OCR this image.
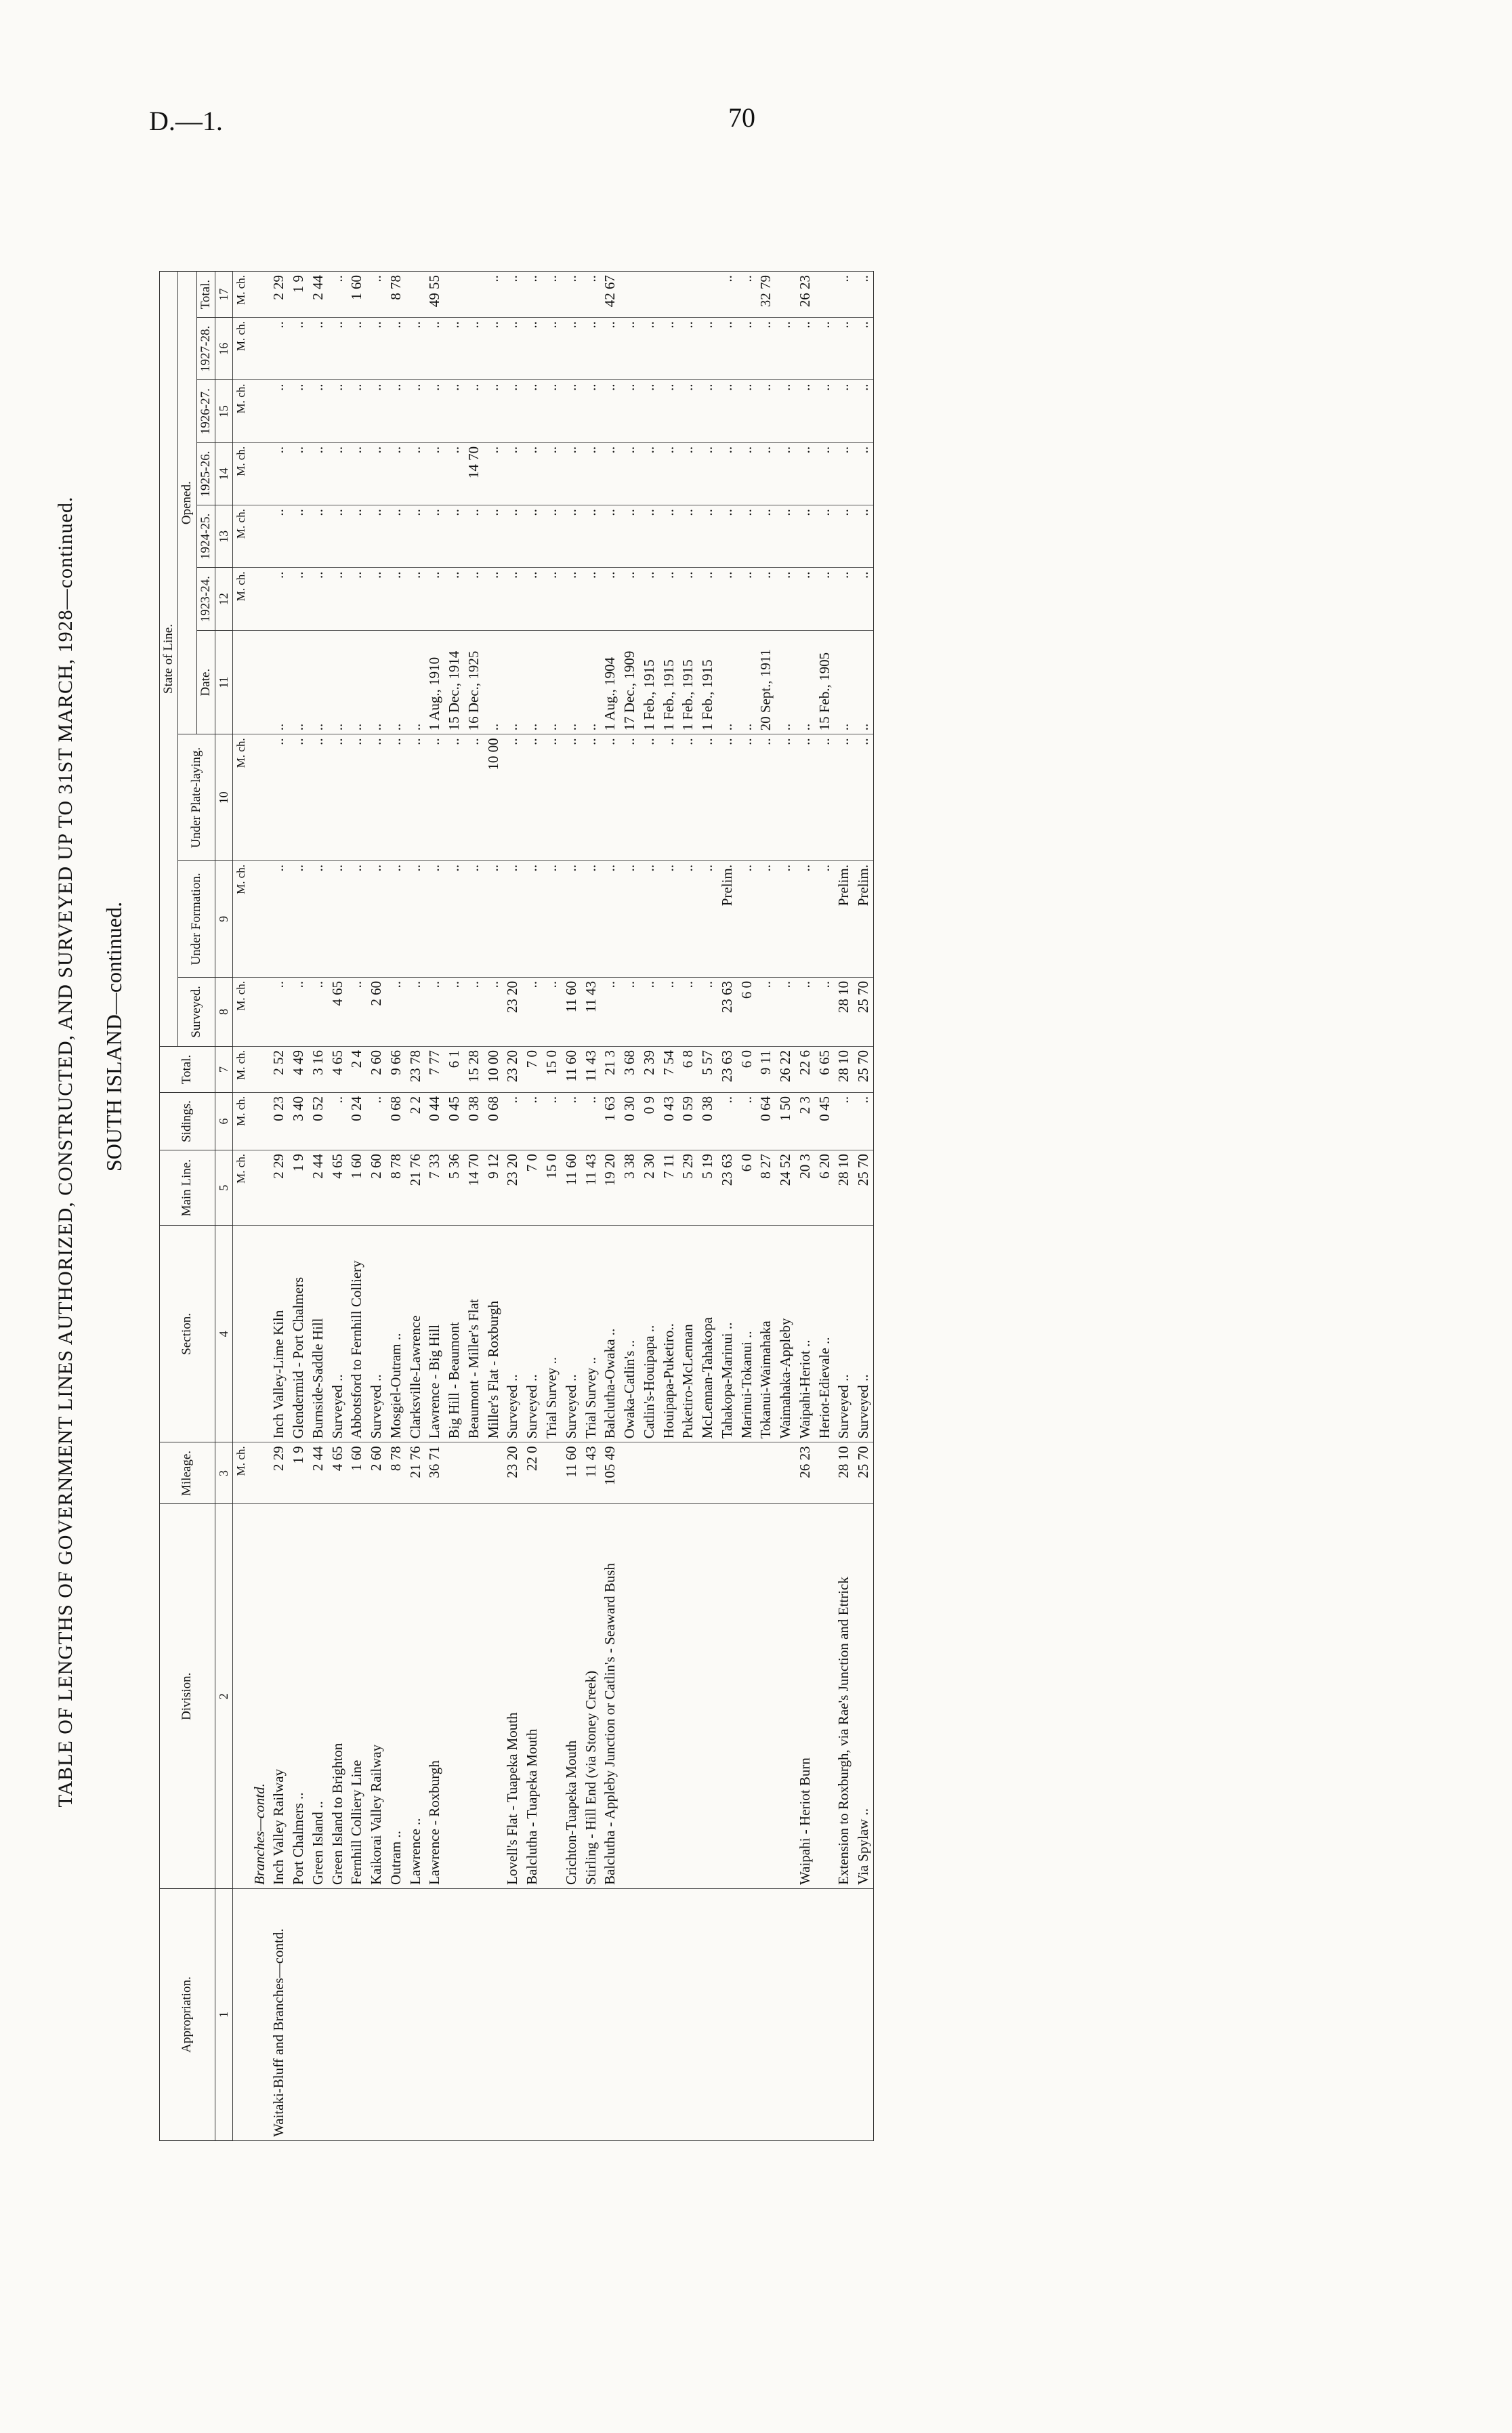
D.—1.	70
TABLE OF LENGTHS OF GOVERNMENT LINES AUTHORIZED, CONSTRUCTED, AND SURVEYED UP TO 31ST MARCH, 1928—continued. SOUTH ISLAND—continued.
Appropriation.	Division.	Mileage.	Section.	Main Line.	Sidings.	Total.	State of Line.									
							Surveyed.	Under Formation.	Under Plate-laying.	Opened.						
										Date.	1923-24.	1924-25.	1925-26.	1926-27.	1927-28.	Total.
1	2	3	4	5	6	7	8	9	10	11	12	13	14	15	16	17
		M. ch.		M. ch.	M. ch.	M. ch.	M. ch.	M. ch.	M. ch.		M. ch.	M. ch.	M. ch.	M. ch.	M. ch.	M. ch.
	Branches—contd.															
Waitaki-Bluff and Branches—contd.	Inch Valley Railway	2 29	Inch Valley-Lime Kiln	2 29	0 23	2 52	..	..	..	..	..	..	..	..	..	2 29
	Port Chalmers ..	1 9	Glendermid - Port Chalmers	1 9	3 40	4 49	..	..	..	..	..	..	..	..	..	1 9
	Green Island ..	2 44	Burnside-Saddle Hill	2 44	0 52	3 16	..	..	..	..	..	..	..	..	..	2 44
	Green Island to Brighton	4 65	Surveyed ..	4 65	..	4 65	4 65	..	..	..	..	..	..	..	..	..
	Fernhill Colliery Line	1 60	Abbotsford to Fernhill Colliery	1 60	0 24	2 4	..	..	..	..	..	..	..	..	..	1 60
	Kaikorai Valley Railway	2 60	Surveyed ..	2 60	..	2 60	2 60	..	..	..	..	..	..	..	..	..
	Outram ..	8 78	Mosgiel-Outram ..	8 78	0 68	9 66	..	..	..	..	..	..	..	..	..	8 78
	Lawrence ..	21 76	Clarksville-Lawrence	21 76	2 2	23 78	..	..	..	..	..	..	..	..	..	
	Lawrence - Roxburgh	36 71	Lawrence - Big Hill	7 33	0 44	7 77	..	..	..	1 Aug., 1910	..	..	..	..	..	49 55
			Big Hill - Beaumont	5 36	0 45	6 1	..	..	..	15 Dec., 1914	..	..	..	..	..	
			Beaumont - Miller's Flat	14 70	0 38	15 28	..	..	..	16 Dec., 1925	..	..	14 70	..	..	
			Miller's Flat - Roxburgh	9 12	0 68	10 00	..	..	10 00	..	..	..	..	..	..	..
	Lovell's Flat - Tuapeka Mouth	23 20	Surveyed ..	23 20	..	23 20	23 20	..	..	..	..	..	..	..	..	..
	Balclutha - Tuapeka Mouth	22 0	Surveyed ..	7 0	..	7 0	..	..	..	..	..	..	..	..	..	..
			Trial Survey ..	15 0	..	15 0	..	..	..	..	..	..	..	..	..	..
	Crichton-Tuapeka Mouth	11 60	Surveyed ..	11 60	..	11 60	11 60	..	..	..	..	..	..	..	..	..
	Stirling - Hill End (via Stoney Creek)	11 43	Trial Survey ..	11 43	..	11 43	11 43	..	..	..	..	..	..	..	..	..
	Balclutha - Appleby Junction or Catlin's - Seaward Bush	105 49	Balclutha-Owaka ..	19 20	1 63	21 3	..	..	..	1 Aug., 1904	..	..	..	..	..	42 67
			Owaka-Catlin's ..	3 38	0 30	3 68	..	..	..	17 Dec., 1909	..	..	..	..	..	
			Catlin's-Houipapa ..	2 30	0 9	2 39	..	..	..	1 Feb., 1915	..	..	..	..	..	
			Houipapa-Puketiro..	7 11	0 43	7 54	..	..	..	1 Feb., 1915	..	..	..	..	..	
			Puketiro-McLennan	5 29	0 59	6 8	..	..	..	1 Feb., 1915	..	..	..	..	..	
			McLennan-Tahakopa	5 19	0 38	5 57	..	..	..	1 Feb., 1915	..	..	..	..	..	
			Tahakopa-Marinui ..	23 63	..	23 63	23 63	Prelim.	..	..	..	..	..	..	..	..
			Marinui-Tokanui ..	6 0	..	6 0	6 0	..	..	..	..	..	..	..	..	..
			Tokanui-Waimahaka	8 27	0 64	9 11	..	..	..	20 Sept., 1911	..	..	..	..	..	32 79
			Waimahaka-Appleby	24 52	1 50	26 22	..	..	..	..	..	..	..	..	..	
	Waipahi - Heriot Burn	26 23	Waipahi-Heriot ..	20 3	2 3	22 6	..	..	..	..	..	..	..	..	..	26 23
			Heriot-Edievale ..	6 20	0 45	6 65	..	..	..	15 Feb., 1905	..	..	..	..	..	
	Extension to Roxburgh, via Rae's Junction and Ettrick	28 10	Surveyed ..	28 10	..	28 10	28 10	Prelim.	..	..	..	..	..	..	..	..
	Via Spylaw ..	25 70	Surveyed ..	25 70	..	25 70	25 70	Prelim.	..	..	..	..	..	..	..	..
